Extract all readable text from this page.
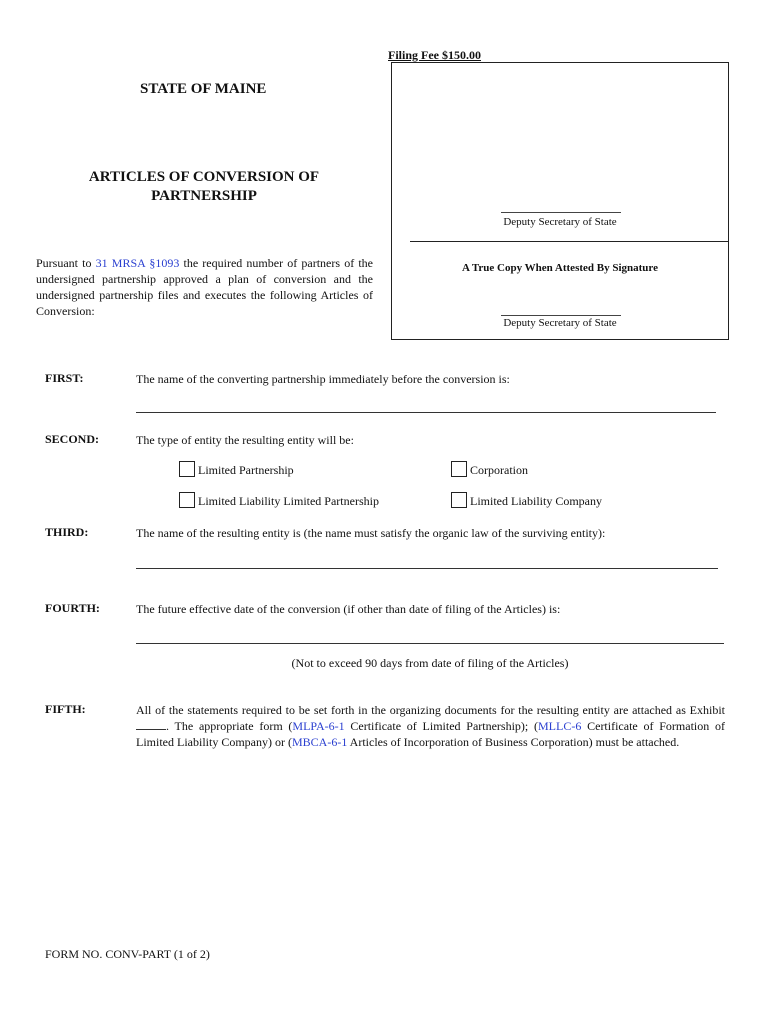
Filing Fee $150.00
STATE OF MAINE
ARTICLES OF CONVERSION OF
PARTNERSHIP
Deputy Secretary of State
A True Copy When Attested By Signature
Deputy Secretary of State
Pursuant to 31 MRSA §1093 the required number of partners of the undersigned partnership approved a plan of conversion and the undersigned partnership files and executes the following Articles of Conversion:
FIRST:	The name of the converting partnership immediately before the conversion is:
SECOND:	The type of entity the resulting entity will be:
Limited Partnership	Corporation
Limited Liability Limited Partnership	Limited Liability Company
THIRD:	The name of the resulting entity is (the name must satisfy the organic law of the surviving entity):
FOURTH:	The future effective date of the conversion (if other than date of filing of the Articles) is:
(Not to exceed 90 days from date of filing of the Articles)
FIFTH:	All of the statements required to be set forth in the organizing documents for the resulting entity are attached as Exhibit . The appropriate form (MLPA-6-1 Certificate of Limited Partnership); (MLLC-6 Certificate of Formation of Limited Liability Company) or (MBCA-6-1 Articles of Incorporation of Business Corporation) must be attached.
FORM NO. CONV-PART (1 of 2)
